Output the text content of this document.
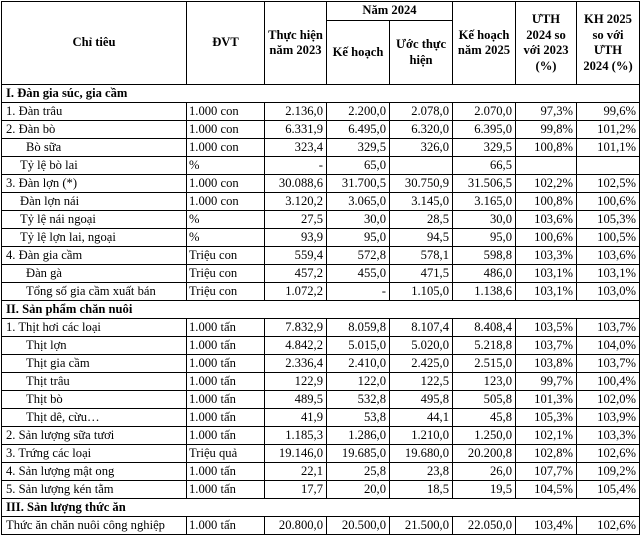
Chỉ tiêu	ĐVT	Thực hiện năm 2023	Năm 2024		Kế hoạch năm 2025	ƯTH 2024 so với 2023 (%)	KH 2025 so với ƯTH 2024 (%)
			Kế hoạch	Ước thực hiện			
I. Đàn gia súc, gia cầm							
1. Đàn trâu	1.000 con	2.136,0	2.200,0	2.078,0	2.070,0	97,3%	99,6%
2. Đàn bò	1.000 con	6.331,9	6.495,0	6.320,0	6.395,0	99,8%	101,2%
Bò sữa	1.000 con	323,4	329,5	326,0	329,5	100,8%	101,1%
Tỷ lệ bò lai	%	-	65,0		66,5		
3. Đàn lợn (*)	1.000 con	30.088,6	31.700,5	30.750,9	31.506,5	102,2%	102,5%
Đàn lợn nái	1.000 con	3.120,2	3.065,0	3.145,0	3.165,0	100,8%	100,6%
Tỷ lệ nái ngoại	%	27,5	30,0	28,5	30,0	103,6%	105,3%
Tỷ lệ lợn lai, ngoại	%	93,9	95,0	94,5	95,0	100,6%	100,5%
4. Đàn gia cầm	Triệu con	559,4	572,8	578,1	598,8	103,3%	103,6%
Đàn gà	Triệu con	457,2	455,0	471,5	486,0	103,1%	103,1%
Tổng số gia cầm xuất bán	Triệu con	1.072,2	-	1.105,0	1.138,6	103,1%	103,0%
II. Sản phẩm chăn nuôi							
1. Thịt hơi các loại	1.000 tấn	7.832,9	8.059,8	8.107,4	8.408,4	103,5%	103,7%
Thịt lợn	1.000 tấn	4.842,2	5.015,0	5.020,0	5.218,8	103,7%	104,0%
Thịt gia cầm	1.000 tấn	2.336,4	2.410,0	2.425,0	2.515,0	103,8%	103,7%
Thịt trâu	1.000 tấn	122,9	122,0	122,5	123,0	99,7%	100,4%
Thịt bò	1.000 tấn	489,5	532,8	495,8	505,8	101,3%	102,0%
Thịt dê, cừu…	1.000 tấn	41,9	53,8	44,1	45,8	105,3%	103,9%
2. Sản lượng sữa tươi	1.000 tấn	1.185,3	1.286,0	1.210,0	1.250,0	102,1%	103,3%
3. Trứng các loại	Triệu quả	19.146,0	19.685,0	19.680,0	20.200,8	102,8%	102,6%
4. Sản lượng mật ong	1.000 tấn	22,1	25,8	23,8	26,0	107,7%	109,2%
5. Sản lượng kén tằm	1.000 tấn	17,7	20,0	18,5	19,5	104,5%	105,4%
III. Sản lượng thức ăn							
Thức ăn chăn nuôi công nghiệp	1.000 tấn	20.800,0	20.500,0	21.500,0	22.050,0	103,4%	102,6%
